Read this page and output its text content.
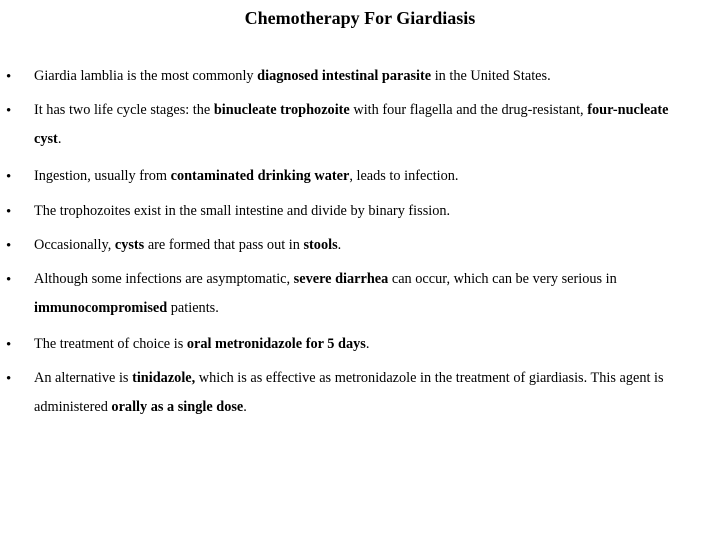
Chemotherapy For Giardiasis
• Giardia lamblia is the most commonly diagnosed intestinal parasite in the United States.
• It has two life cycle stages: the binucleate trophozoite with four flagella and the drug-resistant, four-nucleate cyst.
• Ingestion, usually from contaminated drinking water, leads to infection.
• The trophozoites exist in the small intestine and divide by binary fission.
• Occasionally, cysts are formed that pass out in stools.
• Although some infections are asymptomatic, severe diarrhea can occur, which can be very serious in immunocompromised patients.
• The treatment of choice is oral metronidazole for 5 days.
• An alternative is tinidazole, which is as effective as metronidazole in the treatment of giardiasis. This agent is administered orally as a single dose.
